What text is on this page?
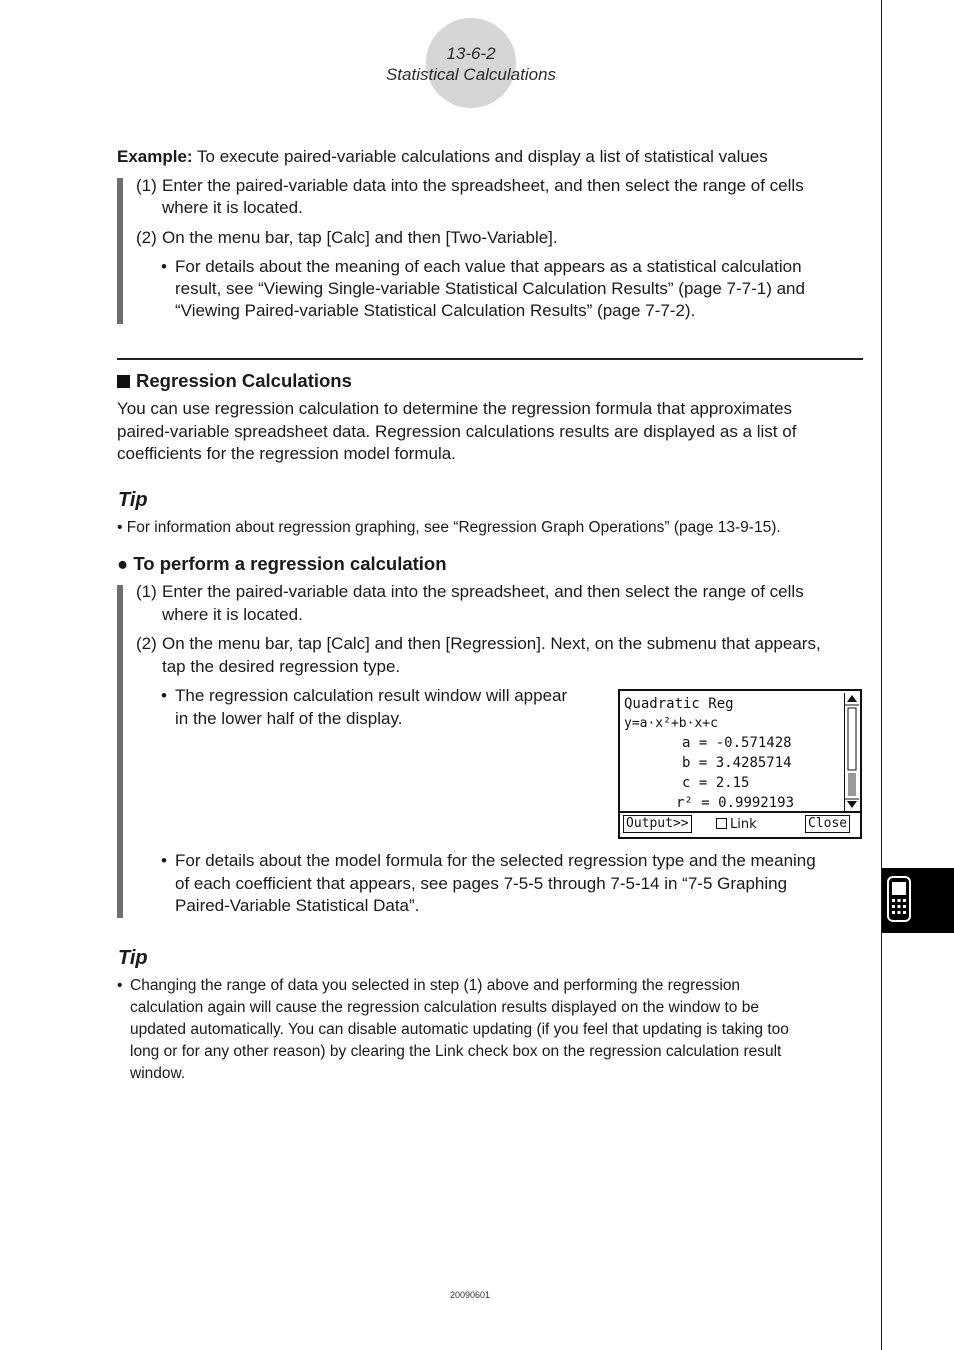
13-6-2
Statistical Calculations
Example: To execute paired-variable calculations and display a list of statistical values
(1) Enter the paired-variable data into the spreadsheet, and then select the range of cells
where it is located.
(2) On the menu bar, tap [Calc] and then [Two-Variable].
• For details about the meaning of each value that appears as a statistical calculation
result, see “Viewing Single-variable Statistical Calculation Results” (page 7-7-1) and
“Viewing Paired-variable Statistical Calculation Results” (page 7-7-2).
Regression Calculations
You can use regression calculation to determine the regression formula that approximates
paired-variable spreadsheet data. Regression calculations results are displayed as a list of
coefficients for the regression model formula.
Tip
• For information about regression graphing, see “Regression Graph Operations” (page 13-9-15).
● To perform a regression calculation
(1) Enter the paired-variable data into the spreadsheet, and then select the range of cells
where it is located.
(2) On the menu bar, tap [Calc] and then [Regression]. Next, on the submenu that appears,
tap the desired regression type.
• The regression calculation result window will appear
in the lower half of the display.
Quadratic Reg
y=a·x²+b·x+c
a = -0.571428
b = 3.4285714
c = 2.15
r² = 0.9992193
Output>>	Link	Close
• For details about the model formula for the selected regression type and the meaning
of each coefficient that appears, see pages 7-5-5 through 7-5-14 in “7-5 Graphing
Paired-Variable Statistical Data”.
Tip
• Changing the range of data you selected in step (1) above and performing the regression
calculation again will cause the regression calculation results displayed on the window to be
updated automatically. You can disable automatic updating (if you feel that updating is taking too
long or for any other reason) by clearing the Link check box on the regression calculation result
window.
20090601
